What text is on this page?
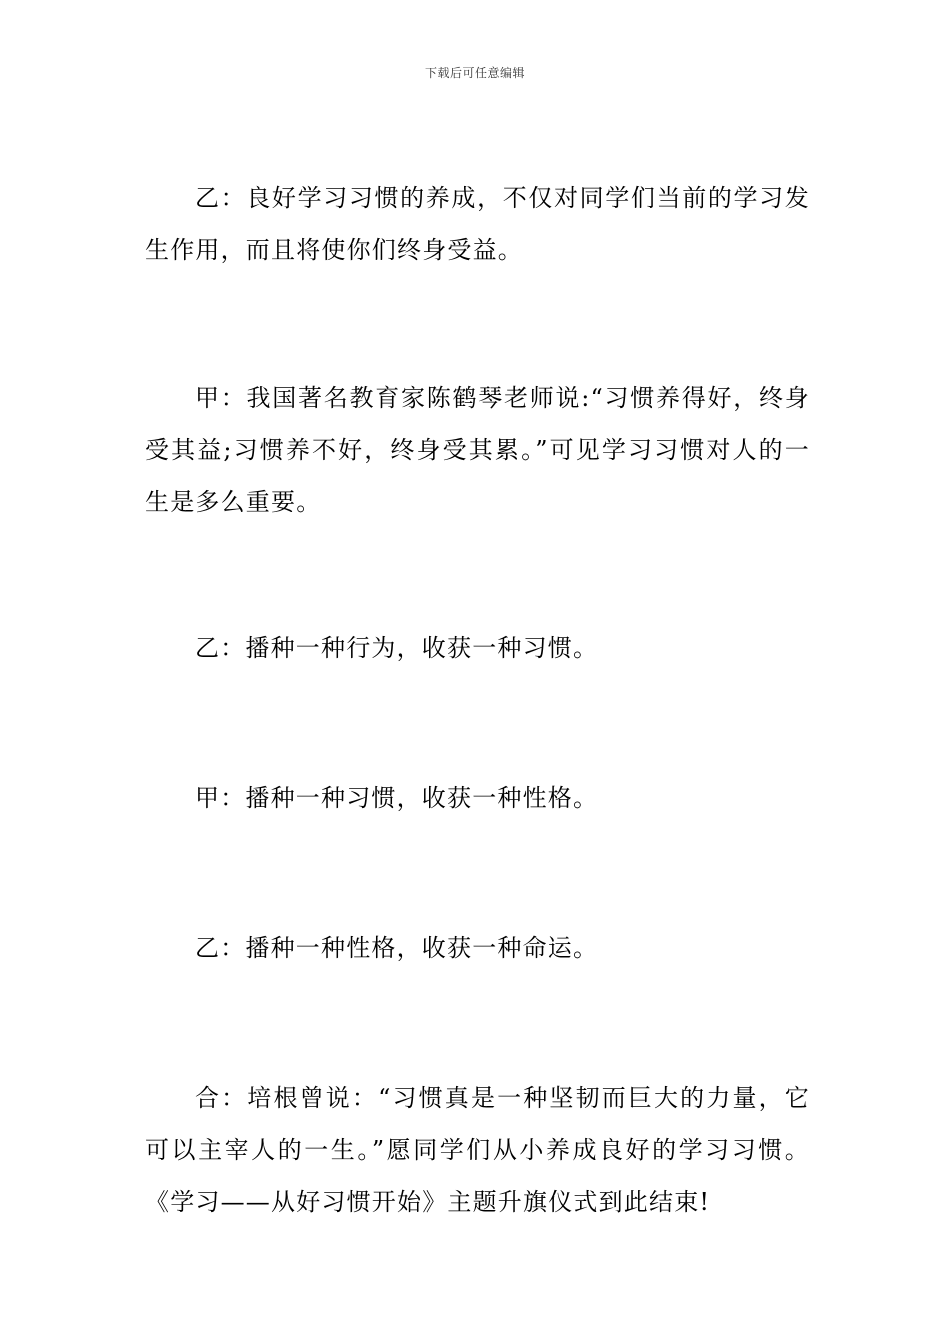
下载后可任意编辑

乙：良好学习习惯的养成，不仅对同学们当前的学习发生作用，而且将使你们终身受益。

甲：我国著名教育家陈鹤琴老师说:“习惯养得好，终身受其益;习惯养不好，终身受其累。”可见学习习惯对人的一生是多么重要。

乙：播种一种行为，收获一种习惯。

甲：播种一种习惯，收获一种性格。

乙：播种一种性格，收获一种命运。

合：培根曾说：“习惯真是一种坚韧而巨大的力量，它可以主宰人的一生。”愿同学们从小养成良好的学习习惯。《学习——从好习惯开始》主题升旗仪式到此结束!
